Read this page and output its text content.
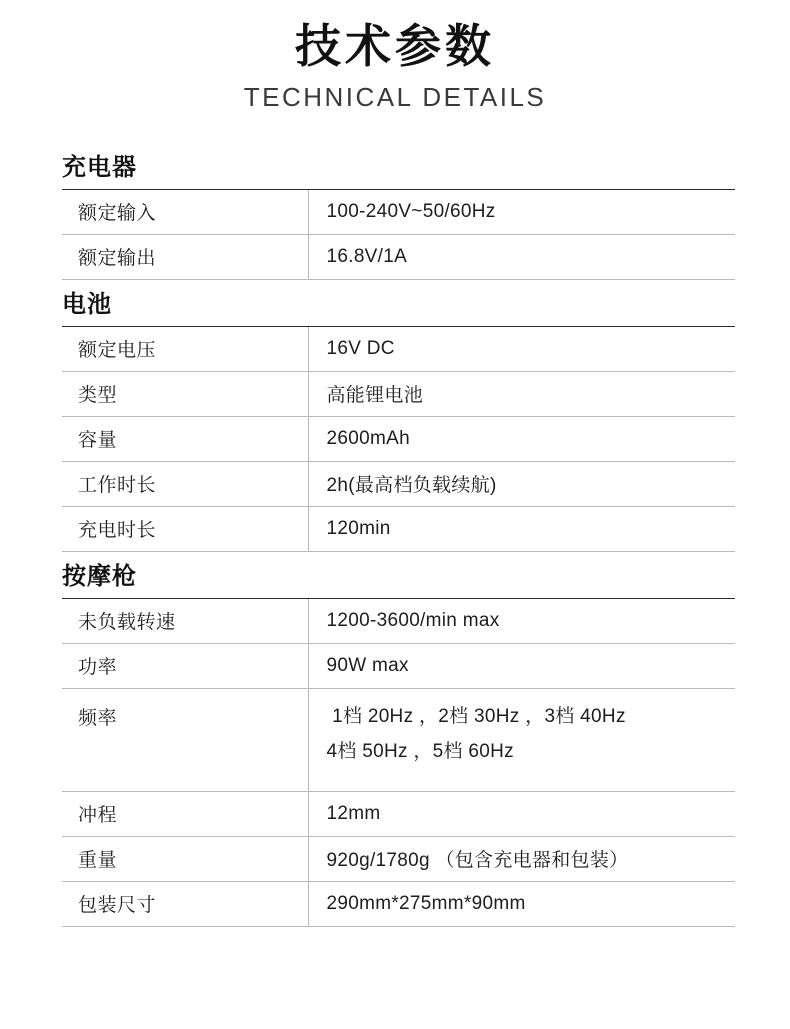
技术参数
TECHNICAL DETAILS
充电器	
额定输入	100-240V~50/60Hz
额定输出	16.8V/1A
电池	
额定电压	16V DC
类型	高能锂电池
容量	2600mAh
工作时长	2h(最高档负载续航)
充电时长	120min
按摩枪	
未负载转速	1200-3600/min max
功率	90W max
频率	1档 20Hz ，2档 30Hz ，3档 40Hz
4档 50Hz ，5档 60Hz

冲程	12mm
重量	920g/1780g （包含充电器和包装）
包装尺寸	290mm*275mm*90mm
